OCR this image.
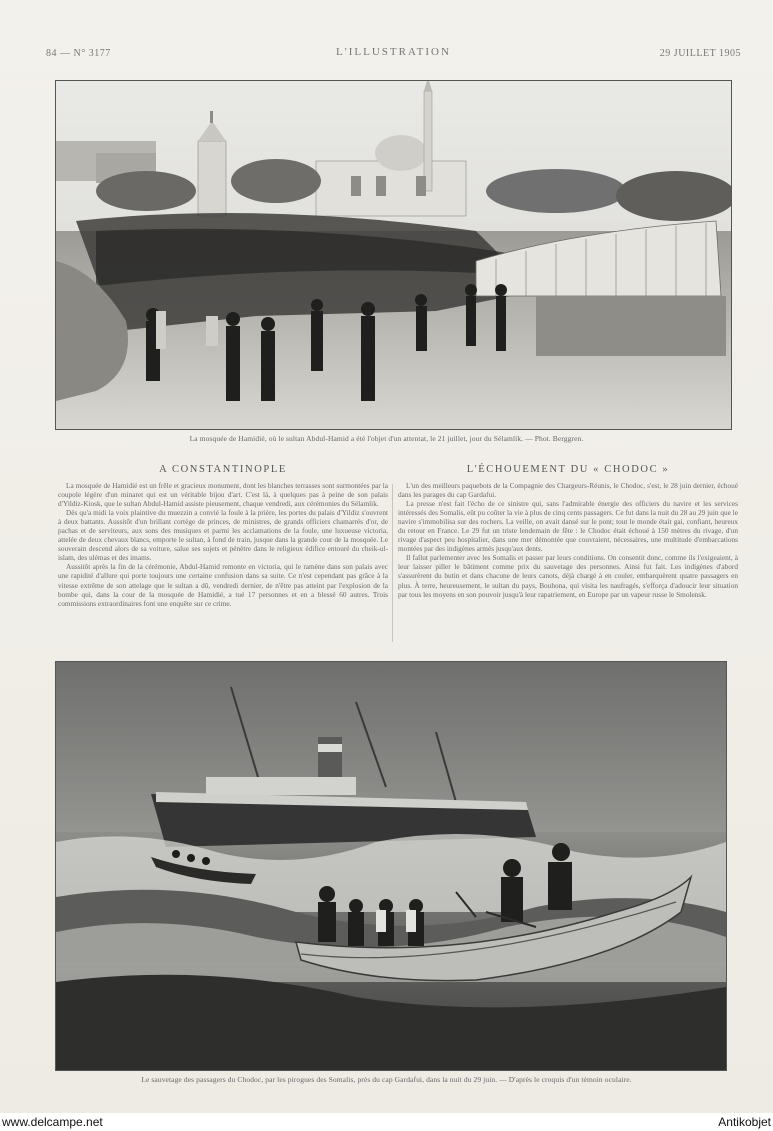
84 — N° 3177	L'ILLUSTRATION	29 JUILLET 1905
La mosquée de Hamidié, où le sultan Abdul-Hamid a été l'objet d'un attentat, le 21 juillet, jour du Sélamlik. — Phot. Berggren.
A CONSTANTINOPLE	L'ÉCHOUEMENT DU « CHODOC »

La mosquée de Hamidié est un frêle et gracieux monument, dont les blanches terrasses sont surmontées par la coupole légère d'un minaret qui est un véritable bijou d'art. C'est là, à quelques pas à peine de son palais d'Yildiz-Kiosk, que le sultan Abdul-Hamid assiste pieusement, chaque vendredi, aux cérémonies du Sélamlik.

Dès qu'a midi la voix plaintive du muezzin a convié la foule à la prière, les portes du palais d'Yildiz s'ouvrent à deux battants. Aussitôt d'un brillant cortège de princes, de ministres, de grands officiers chamarrés d'or, de pachas et de serviteurs, aux sons des musiques et parmi les acclamations de la foule, une luxueuse victoria, attelée de deux chevaux blancs, emporte le sultan, à fond de train, jusque dans la grande cour de la mosquée. Le souverain descend alors de sa voiture, salue ses sujets et pénètre dans le religieux édifice entouré du cheik-ul-islam, des ulémas et des imams.

Aussitôt après la fin de la cérémonie, Abdul-Hamid remonte en victoria, qui le ramène dans son palais avec une rapidité d'allure qui porte toujours une certaine confusion dans sa suite. Ce n'est cependant pas grâce à la vitesse extrême de son attelage que le sultan a dû, vendredi dernier, de n'être pas atteint par l'explosion de la bombe qui, dans la cour de la mosquée de Hamidié, a tué 17 personnes et en a blessé 60 autres. Trois commissions extraordinaires font une enquête sur ce crime.

L'un des meilleurs paquebots de la Compagnie des Chargeurs-Réunis, le Chodoc, s'est, le 28 juin dernier, échoué dans les parages du cap Gardafui.

La presse n'est fait l'écho de ce sinistre qui, sans l'admirable énergie des officiers du navire et les services intéressés des Somalis, eût pu coûter la vie à plus de cinq cents passagers. Ce fut dans la nuit du 28 au 29 juin que le navire s'immobilisa sur des rochers. La veille, on avait dansé sur le pont; tout le monde était gai, confiant, heureux du retour en France. Le 29 fut un triste lendemain de fête : le Chodoc était échoué à 150 mètres du rivage, d'un rivage d'aspect peu hospitalier, dans une mer démontée que couvraient, nécessaires, une multitude d'embarcations montées par des indigènes armés jusqu'aux dents.

Il fallut parlementer avec les Somalis et passer par leurs conditions. On consentit donc, comme ils l'exigeaient, à leur laisser piller le bâtiment comme prix du sauvetage des personnes. Ainsi fut fait. Les indigènes d'abord s'assurèrent du butin et dans chacune de leurs canots, déjà chargé à en couler, embarquèrent quatre passagers en plus. À terre, heureusement, le sultan du pays, Bouhona, qui visita les naufragés, s'efforça d'adoucir leur situation par tous les moyens en son pouvoir jusqu'à leur rapatriement, en Europe par un vapeur russe le Smolensk.

Le sauvetage des passagers du Chodoc, par les pirogues des Somalis, près du cap Gardafui, dans la nuit du 29 juin. — D'après le croquis d'un témoin oculaire.
www.delcampe.net	Antikobjet
